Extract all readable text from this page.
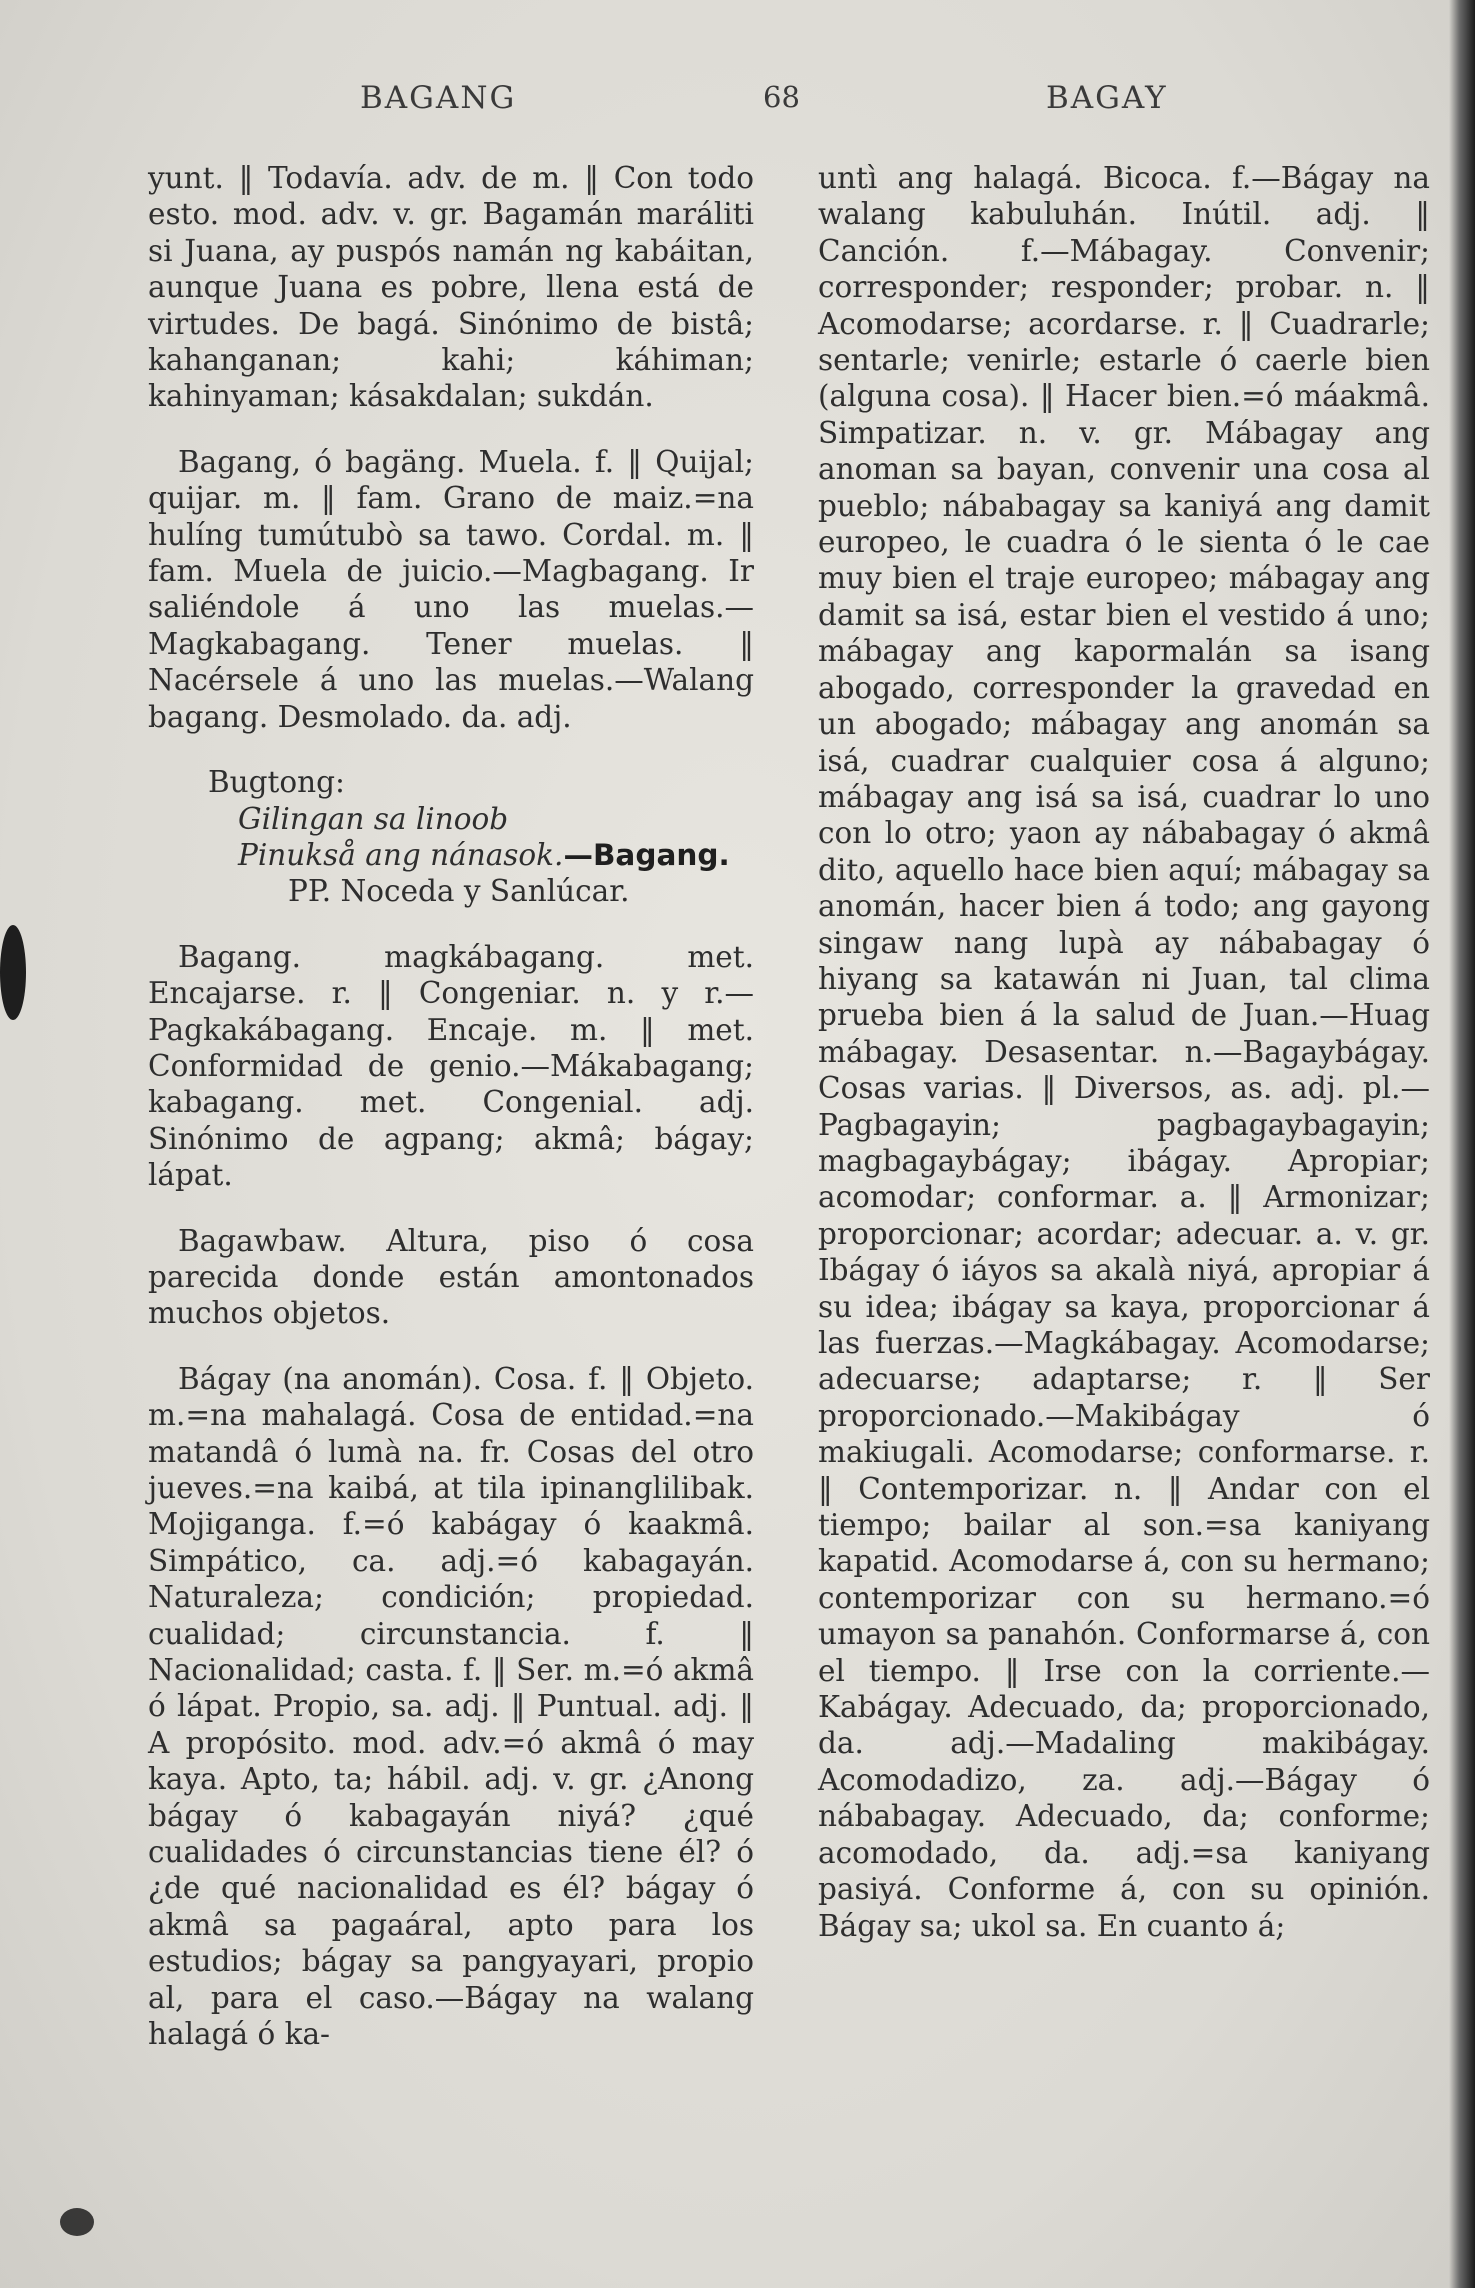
BAGANG	68	BAGAY

yunt. ‖ Todavía. adv. de m. ‖ Con todo esto. mod. adv. v. gr. Bagamán maráliti si Juana, ay puspós namán ng kabáitan, aunque Juana es pobre, llena está de virtudes. De bagá. Sinónimo de bistâ; kahanganan; kahi; káhiman; kahinyaman; kásakdalan; sukdán.

Bagang, ó bagäng. Muela. f. ‖ Quijal; quijar. m. ‖ fam. Grano de maiz.=na hulíng tumútubò sa tawo. Cordal. m. ‖ fam. Muela de juicio.—Magbagang. Ir saliéndole á uno las muelas.—Magkabagang. Tener muelas. ‖ Nacérsele á uno las muelas.—Walang bagang. Desmolado. da. adj.

Bugtong:
Gilingan sa linoob
Pinukså ang nánasok.—Bagang.
PP. Noceda y Sanlúcar.

Bagang. magkábagang. met. Encajarse. r. ‖ Congeniar. n. y r.—Pagkakábagang. Encaje. m. ‖ met. Conformidad de genio.—Mákabagang; kabagang. met. Congenial. adj. Sinónimo de agpang; akmâ; bágay; lápat.

Bagawbaw. Altura, piso ó cosa parecida donde están amontonados muchos objetos.

Bágay (na anomán). Cosa. f. ‖ Objeto. m.=na mahalagá. Cosa de entidad.=na matandâ ó lumà na. fr. Cosas del otro jueves.=na kaibá, at tila ipinanglilibak. Mojiganga. f.=ó kabágay ó kaakmâ. Simpático, ca. adj.=ó kabagayán. Naturaleza; condición; propiedad. cualidad; circunstancia. f. ‖ Nacionalidad; casta. f. ‖ Ser. m.=ó akmâ ó lápat. Propio, sa. adj. ‖ Puntual. adj. ‖ A propósito. mod. adv.=ó akmâ ó may kaya. Apto, ta; hábil. adj. v. gr. ¿Anong bágay ó kabagayán niyá? ¿qué cualidades ó circunstancias tiene él? ó ¿de qué nacionalidad es él? bágay ó akmâ sa pagaáral, apto para los estudios; bágay sa pangyayari, propio al, para el caso.—Bágay na walang halagá ó ka-

untì ang halagá. Bicoca. f.—Bágay na walang kabuluhán. Inútil. adj. ‖ Canción. f.—Mábagay. Convenir; corresponder; responder; probar. n. ‖ Acomodarse; acordarse. r. ‖ Cuadrarle; sentarle; venirle; estarle ó caerle bien (alguna cosa). ‖ Hacer bien.=ó máakmâ. Simpatizar. n. v. gr. Mábagay ang anoman sa bayan, convenir una cosa al pueblo; nábabagay sa kaniyá ang damit europeo, le cuadra ó le sienta ó le cae muy bien el traje europeo; mábagay ang damit sa isá, estar bien el vestido á uno; mábagay ang kapormalán sa isang abogado, corresponder la gravedad en un abogado; mábagay ang anomán sa isá, cuadrar cualquier cosa á alguno; mábagay ang isá sa isá, cuadrar lo uno con lo otro; yaon ay nábabagay ó akmâ dito, aquello hace bien aquí; mábagay sa anomán, hacer bien á todo; ang gayong singaw nang lupà ay nábabagay ó hiyang sa katawán ni Juan, tal clima prueba bien á la salud de Juan.—Huag mábagay. Desasentar. n.—Bagaybágay. Cosas varias. ‖ Diversos, as. adj. pl.—Pagbagayin; pagbagaybagayin; magbagaybágay; ibágay. Apropiar; acomodar; conformar. a. ‖ Armonizar; proporcionar; acordar; adecuar. a. v. gr. Ibágay ó iáyos sa akalà niyá, apropiar á su idea; ibágay sa kaya, proporcionar á las fuerzas.—Magkábagay. Acomodarse; adecuarse; adaptarse; r. ‖ Ser proporcionado.—Makibágay ó makiugali. Acomodarse; conformarse. r. ‖ Contemporizar. n. ‖ Andar con el tiempo; bailar al son.=sa kaniyang kapatid. Acomodarse á, con su hermano; contemporizar con su hermano.=ó umayon sa panahón. Conformarse á, con el tiempo. ‖ Irse con la corriente.—Kabágay. Adecuado, da; proporcionado, da. adj.—Madaling makibágay. Acomodadizo, za. adj.—Bágay ó nábabagay. Adecuado, da; conforme; acomodado, da. adj.=sa kaniyang pasiyá. Conforme á, con su opinión. Bágay sa; ukol sa. En cuanto á;
